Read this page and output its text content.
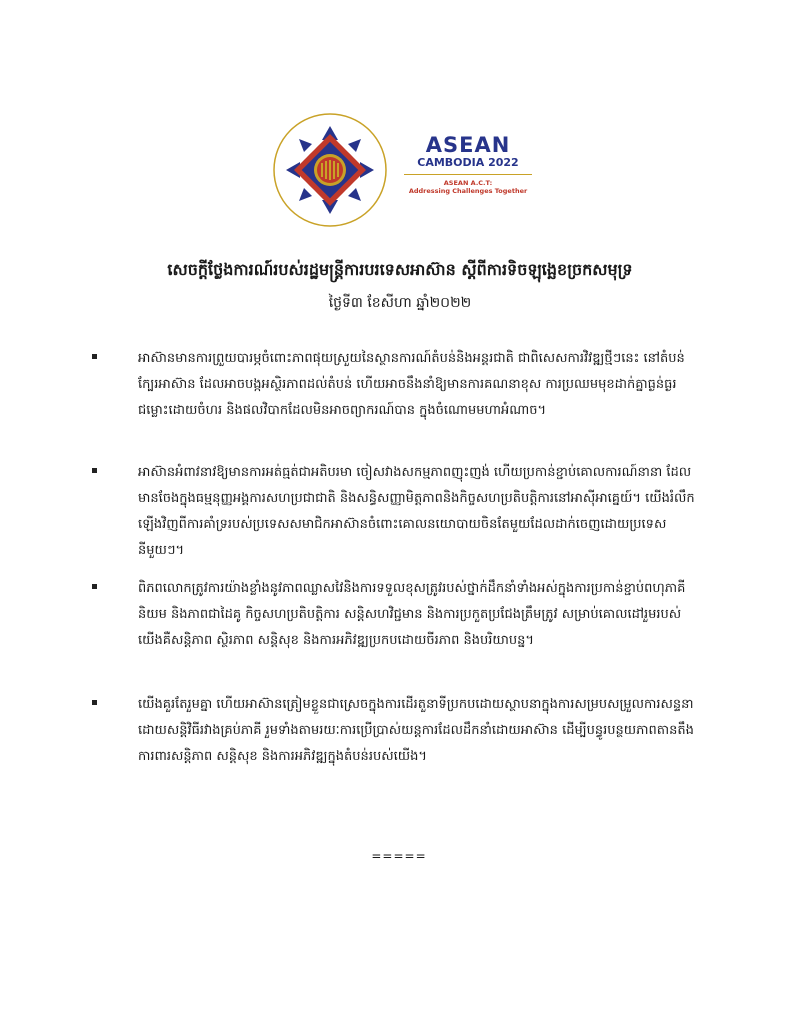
ASEAN
CAMBODIA 2022
ASEAN A.C.T:
Addressing Challenges Together
សេចក្តីថ្លែងការណ៍របស់រដ្ឋមន្ត្រីការបរទេសអាស៊ាន ស្តីពីការទិចឡុង្ឆេខច្រកសមុទ្រ
ថ្ងៃទី៣ ខែសីហា ឆ្នាំ២០២២
អាស៊ានមានការព្រួយបារម្ភចំពោះភាពផុយស្រួយនៃស្ថានការណ៍តំបន់និងអន្តរជាតិ ជាពិសេសការវិវឌ្ឍថ្មីៗនេះ នៅតំបន់ក្បែរអាស៊ាន ដែលអាចបង្កអស្ថិរភាពដល់តំបន់ ហើយអាចនឹងនាំឱ្យមានការគណនាខុស ការប្រឈមមុខដាក់គ្នាធ្ងន់ធ្ងរ ជម្លោះដោយចំហរ និងផលវិបាកដែលមិនអាចព្យាករណ៍បាន ក្នុងចំណោមមហាអំណាច។
អាស៊ានអំពាវនាវឱ្យមានការអត់ធ្មត់ជាអតិបរមា ចៀសវាងសកម្មភាពញុះញង់ ហើយប្រកាន់ខ្ជាប់គោលការណ៍នានា ដែលមានចែងក្នុងធម្មនុញ្ញអង្គការសហប្រជាជាតិ និងសន្ធិសញ្ញាមិត្តភាពនិងកិច្ចសហប្រតិបត្តិការនៅអាស៊ីអាគ្នេយ៍។ យើងរំលឹកឡើងវិញពីការគាំទ្ររបស់ប្រទេសសមាជិកអាស៊ានចំពោះគោលនយោបាយចិនតែមួយដែលដាក់ចេញដោយប្រទេសនីមួយៗ។
ពិភពលោកត្រូវការយ៉ាងខ្លាំងនូវភាពឈ្លាសវៃនិងការទទួលខុសត្រូវរបស់ថ្នាក់ដឹកនាំទាំងអស់ក្នុងការប្រកាន់ខ្ជាប់ពហុភាគីនិយម និងភាពជាដៃគូ កិច្ចសហប្រតិបត្តិការ សន្តិសហវិជ្ជមាន និងការប្រកួតប្រជែងត្រឹមត្រូវ សម្រាប់គោលដៅរួមរបស់យើងគឺសន្តិភាព ស្ថិរភាព សន្តិសុខ និងការអភិវឌ្ឍប្រកបដោយចីរភាព និងបរិយាបន្ន។
យើងគួរតែរួមគ្នា ហើយអាស៊ានត្រៀមខ្លួនជាស្រេចក្នុងការដើរតួនាទីប្រកបដោយស្ថាបនាក្នុងការសម្របសម្រួលការសន្ទនាដោយសន្តិវិធីរវាងគ្រប់ភាគី រួមទាំងតាមរយៈការប្រើប្រាស់យន្តការដែលដឹកនាំដោយអាស៊ាន ដើម្បីបន្ធូរបន្ថយភាពតានតឹង ការពារសន្តិភាព សន្តិសុខ និងការអភិវឌ្ឍក្នុងតំបន់របស់យើង។
=====
